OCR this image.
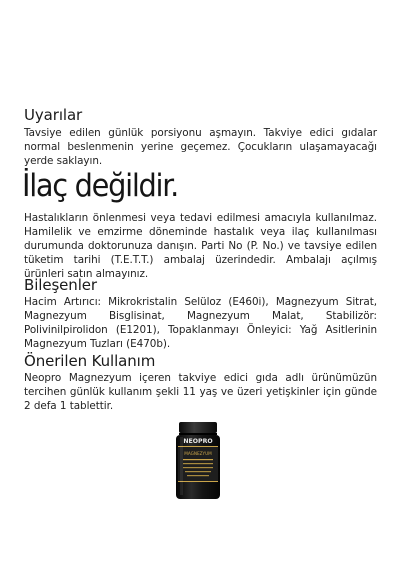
Uyarılar

Tavsiye edilen günlük porsiyonu aşmayın. Takviye edici gıdalar normal beslenmenin yerine geçemez. Çocukların ulaşamayacağı yerde saklayın.

İlaç değildir.

Hastalıkların önlenmesi veya tedavi edilmesi amacıyla kullanılmaz. Hamilelik ve emzirme döneminde hastalık veya ilaç kullanılması durumunda doktorunuza danışın. Parti No (P. No.) ve tavsiye edilen tüketim tarihi (T.E.T.T.) ambalaj üzerindedir. Ambalajı açılmış ürünleri satın almayınız.

Bileşenler

Hacim Artırıcı: Mikrokristalin Selüloz (E460i), Magnezyum Sitrat, Magnezyum Bisglisinat, Magnezyum Malat, Stabilizör: Polivinilpirolidon (E1201), Topaklanmayı Önleyici: Yağ Asitlerinin Magnezyum Tuzları (E470b).

Önerilen Kullanım

Neopro Magnezyum içeren takviye edici gıda adlı ürünümüzün tercihen günlük kullanım şekli 11 yaş ve üzeri yetişkinler için günde 2 defa 1 tablettir.

NEOPRO
MAGNEZYUM
